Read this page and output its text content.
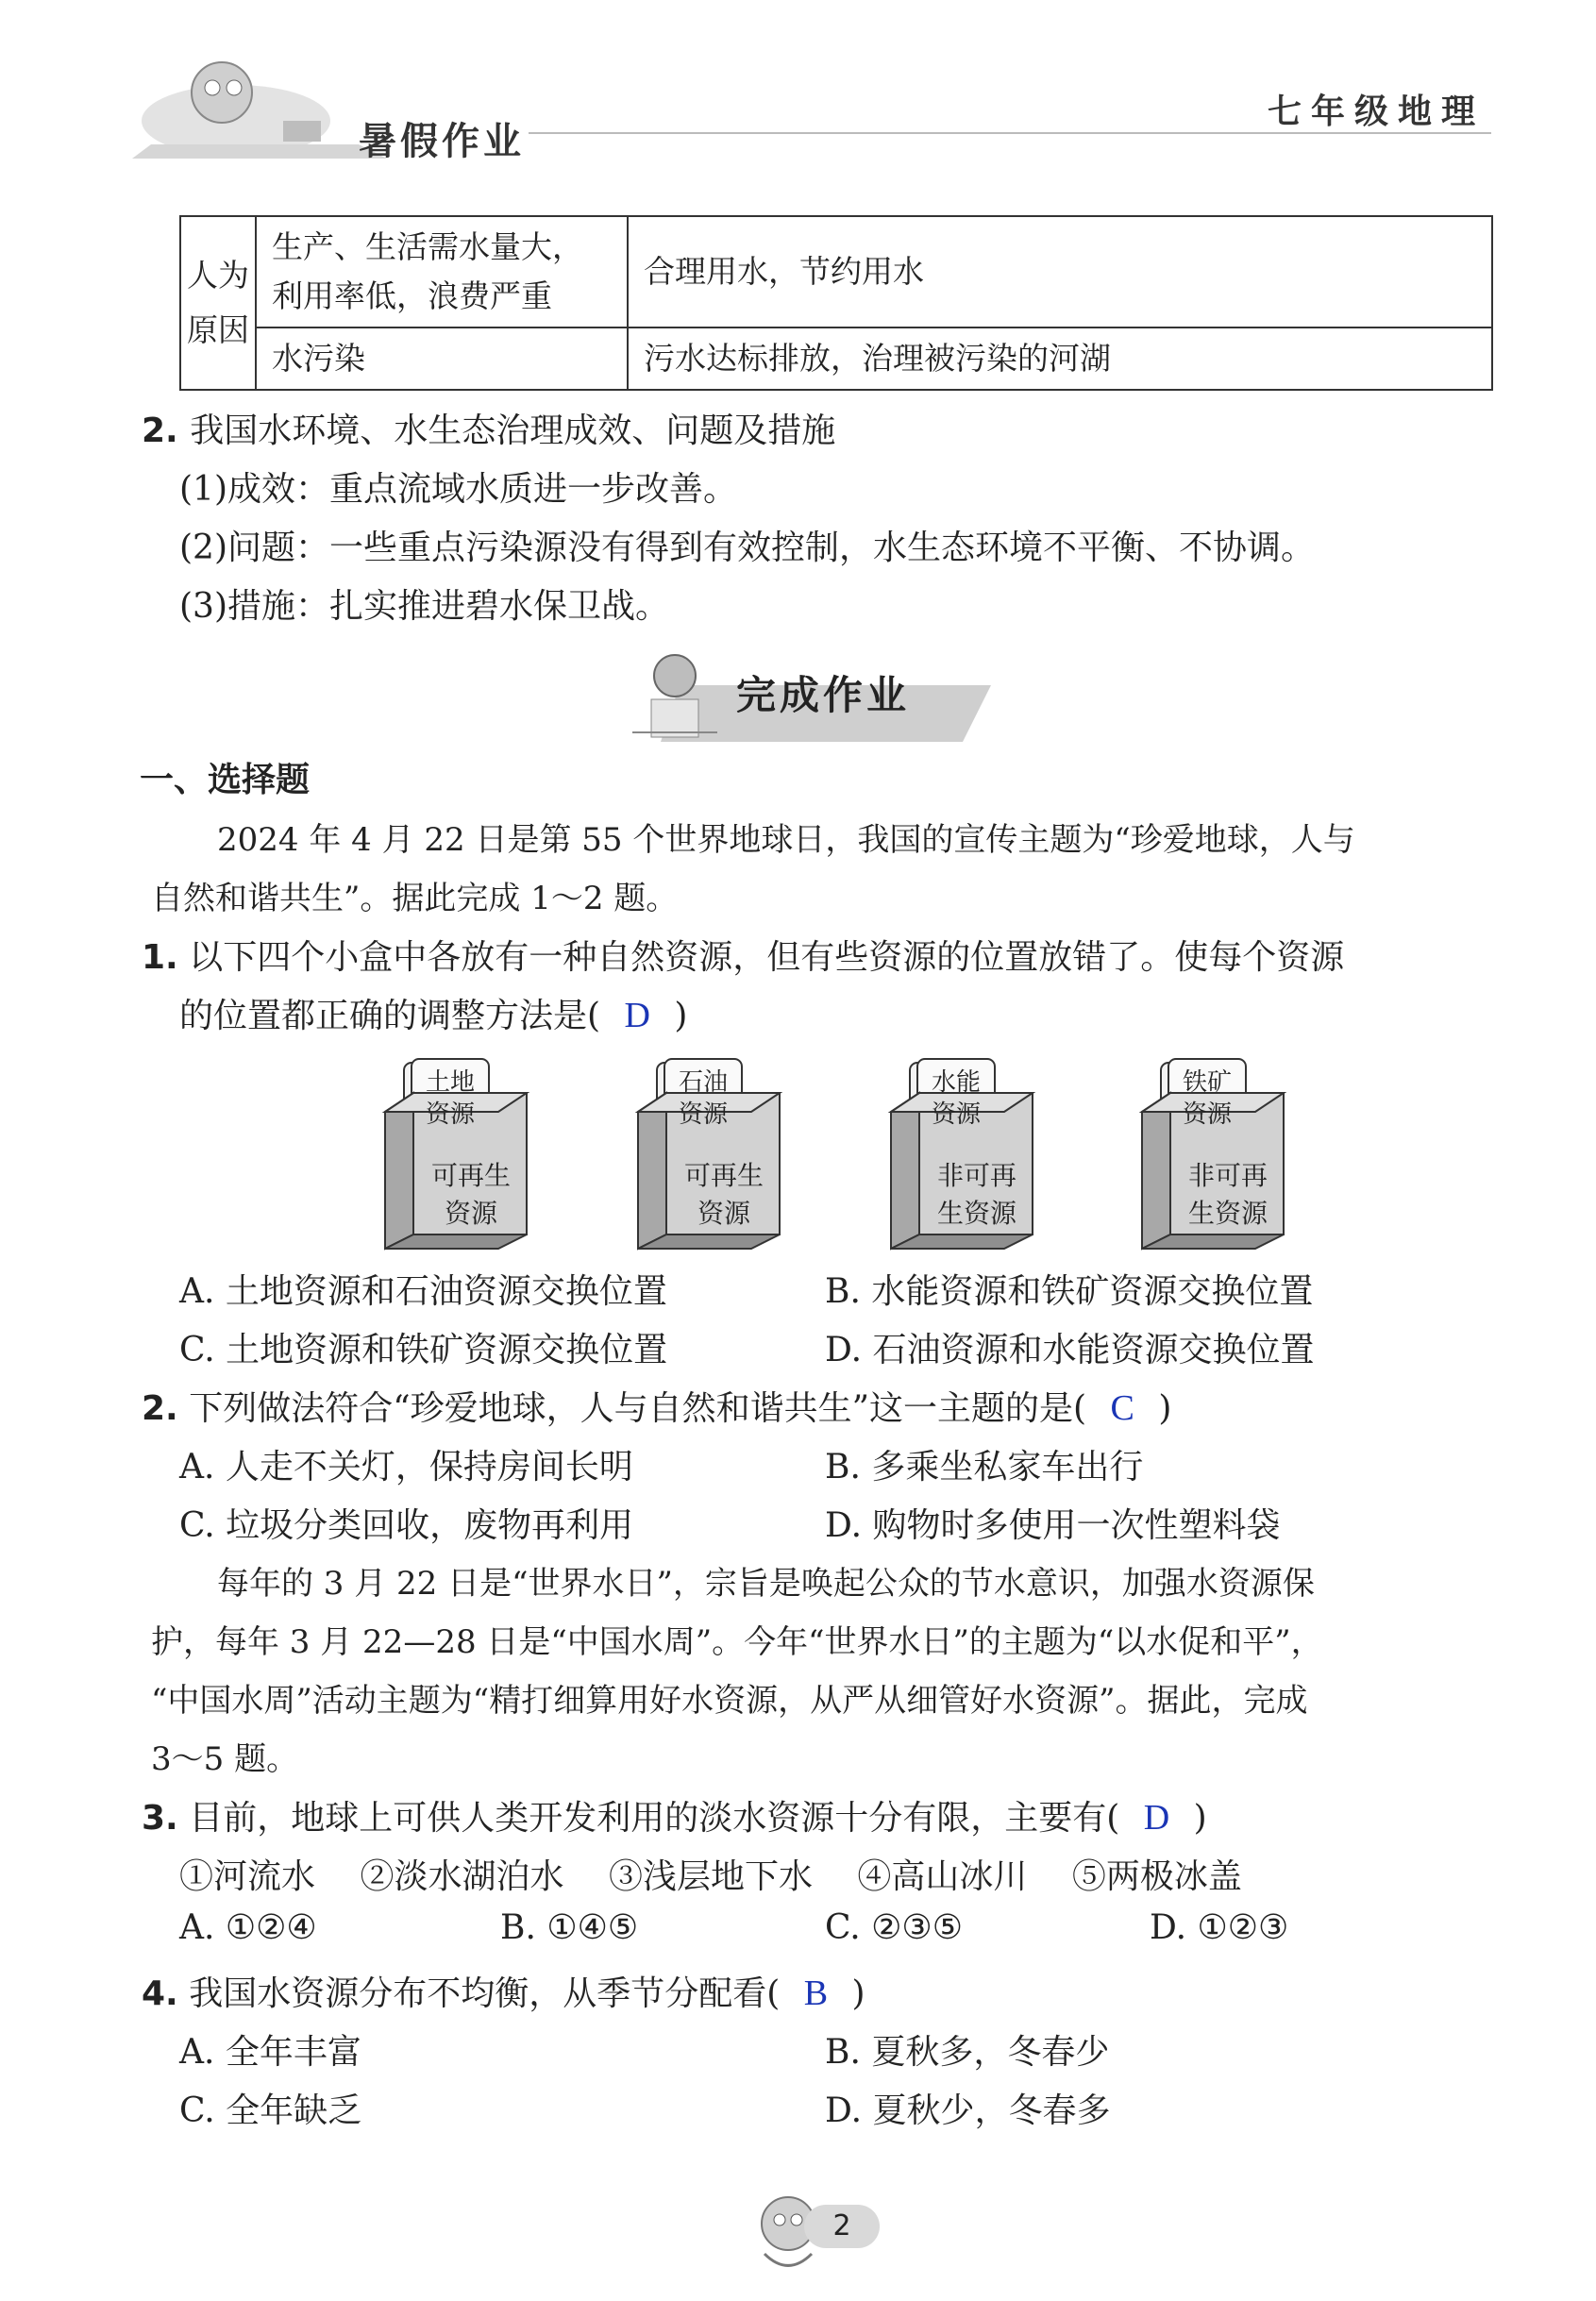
暑假作业
七年级地理
人为原因	生产、生活需水量大，利用率低，浪费严重	合理用水，节约用水
	水污染	污水达标排放，治理被污染的河湖
2. 我国水环境、水生态治理成效、问题及措施
(1)成效：重点流域水质进一步改善。
(2)问题：一些重点污染源没有得到有效控制，水生态环境不平衡、不协调。
(3)措施：扎实推进碧水保卫战。
完成作业
一、选择题
2024 年 4 月 22 日是第 55 个世界地球日，我国的宣传主题为“珍爱地球，人与
自然和谐共生”。据此完成 1～2 题。
1. 以下四个小盒中各放有一种自然资源，但有些资源的位置放错了。使每个资源
的位置都正确的调整方法是( D )
土地
资源
可再生
资源
石油
资源
可再生
资源
水能
资源
非可再
生资源
铁矿
资源
非可再
生资源
A. 土地资源和石油资源交换位置	B. 水能资源和铁矿资源交换位置
C. 土地资源和铁矿资源交换位置	D. 石油资源和水能资源交换位置
2. 下列做法符合“珍爱地球，人与自然和谐共生”这一主题的是( C )
A. 人走不关灯，保持房间长明	B. 多乘坐私家车出行
C. 垃圾分类回收，废物再利用	D. 购物时多使用一次性塑料袋
每年的 3 月 22 日是“世界水日”，宗旨是唤起公众的节水意识，加强水资源保
护，每年 3 月 22—28 日是“中国水周”。今年“世界水日”的主题为“以水促和平”，
“中国水周”活动主题为“精打细算用好水资源，从严从细管好水资源”。据此，完成
3～5 题。
3. 目前，地球上可供人类开发利用的淡水资源十分有限，主要有( D )
①河流水 ②淡水湖泊水 ③浅层地下水 ④高山冰川 ⑤两极冰盖
A. ①②④	B. ①④⑤	C. ②③⑤	D. ①②③
4. 我国水资源分布不均衡，从季节分配看( B )
A. 全年丰富	B. 夏秋多，冬春少
C. 全年缺乏	D. 夏秋少，冬春多
2
